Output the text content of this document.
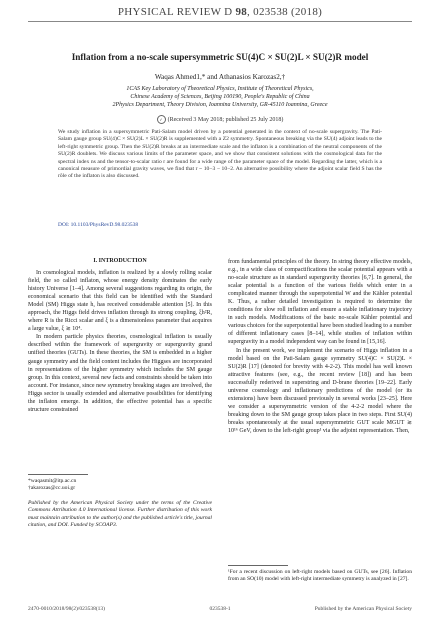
PHYSICAL REVIEW D 98, 023538 (2018)
Inflation from a no-scale supersymmetric SU(4)C × SU(2)L × SU(2)R model
Waqas Ahmed1,* and Athanasios Karozas2,†
1CAS Key Laboratory of Theoretical Physics, Institute of Theoretical Physics,
Chinese Academy of Sciences, Beijing 100190, People's Republic of China
2Physics Department, Theory Division, Ioannina University, GR-45110 Ioannina, Greece
✓ (Received 3 May 2018; published 25 July 2018)
We study inflation in a supersymmetric Pati-Salam model driven by a potential generated in the context of no-scale supergravity. The Pati-Salam gauge group SU(4)C × SU(2)L × SU(2)R is supplemented with a Z2 symmetry. Spontaneous breaking via the SU(4) adjoint leads to the left-right symmetric group. Then the SU(2)R breaks at an intermediate scale and the inflaton is a combination of the neutral components of the SU(2)R doublets. We discuss various limits of the parameter space, and we show that consistent solutions with the cosmological data for the spectral index ns and the tensor-to-scalar ratio r are found for a wide range of the parameter space of the model. Regarding the latter, which is a canonical measure of primordial gravity waves, we find that r ~ 10−3 − 10−2. An alternative possibility where the adjoint scalar field S has the rôle of the inflaton is also discussed.
DOI: 10.1103/PhysRevD.98.023538
I. INTRODUCTION

In cosmological models, inflation is realized by a slowly rolling scalar field, the so called inflaton, whose energy density dominates the early history Universe [1–4]. Among several suggestions regarding its origin, the economical scenario that this field can be identified with the Standard Model (SM) Higgs state h, has received considerable attention [5]. In this approach, the Higgs field drives inflation through its strong coupling, ξh²R, where R is the Ricci scalar and ξ is a dimensionless parameter that acquires a large value, ξ ≳ 10⁴.

In modern particle physics theories, cosmological inflation is usually described within the framework of supergravity or supergravity grand unified theories (GUTs). In these theories, the SM is embedded in a higher gauge symmetry and the field content includes the Higgses are incorporated in representations of the higher symmetry which includes the SM gauge group. In this context, several new facts and constraints should be taken into account. For instance, since new symmetry breaking stages are involved, the Higgs sector is usually extended and alternative possibilities for identifying the inflaton emerge. In addition, the effective potential has a specific structure constrained

*waqasmit@itp.ac.cn
†akarozas@cc.uoi.gr
Published by the American Physical Society under the terms of the Creative Commons Attribution 4.0 International license. Further distribution of this work must maintain attribution to the author(s) and the published article's title, journal citation, and DOI. Funded by SCOAP3.

from fundamental principles of the theory. In string theory effective models, e.g., in a wide class of compactifications the scalar potential appears with a no-scale structure as in standard supergravity theories [6,7]. In general, the scalar potential is a function of the various fields which enter in a complicated manner through the superpotential W and the Kähler potential K. Thus, a rather detailed investigation is required to determine the conditions for slow roll inflation and ensure a stable inflationary trajectory in such models. Modifications of the basic no-scale Kähler potential and various choices for the superpotential have been studied leading to a number of different inflationary cases [8–14], while studies of inflation within supergravity in a model independent way can be found in [15,16].

In the present work, we implement the scenario of Higgs inflation in a model based on the Pati-Salam gauge symmetry SU(4)C × SU(2)L × SU(2)R [17] (denoted for brevity with 4-2-2). This model has well known attractive features (see, e.g., the recent review [18]) and has been successfully rederived in superstring and D-brane theories [19–22]. Early universe cosmology and inflationary predictions of the model (or its extensions) have been discussed previously in several works [23–25]. Here we consider a supersymmetric version of the 4-2-2 model where the breaking down to the SM gauge group takes place in two steps. First SU(4) breaks spontaneously at the usual supersymmetric GUT scale MGUT ≳ 10¹⁶ GeV, down to the left-right group¹ via the adjoint representation. Then,

¹For a recent discussion on left-right models based on GUTs, see [26]. Inflation from an SO(10) model with left-right intermediate symmetry is analyzed in [27].
2470-0010/2018/98(2)/023538(13)	023538-1	Published by the American Physical Society
